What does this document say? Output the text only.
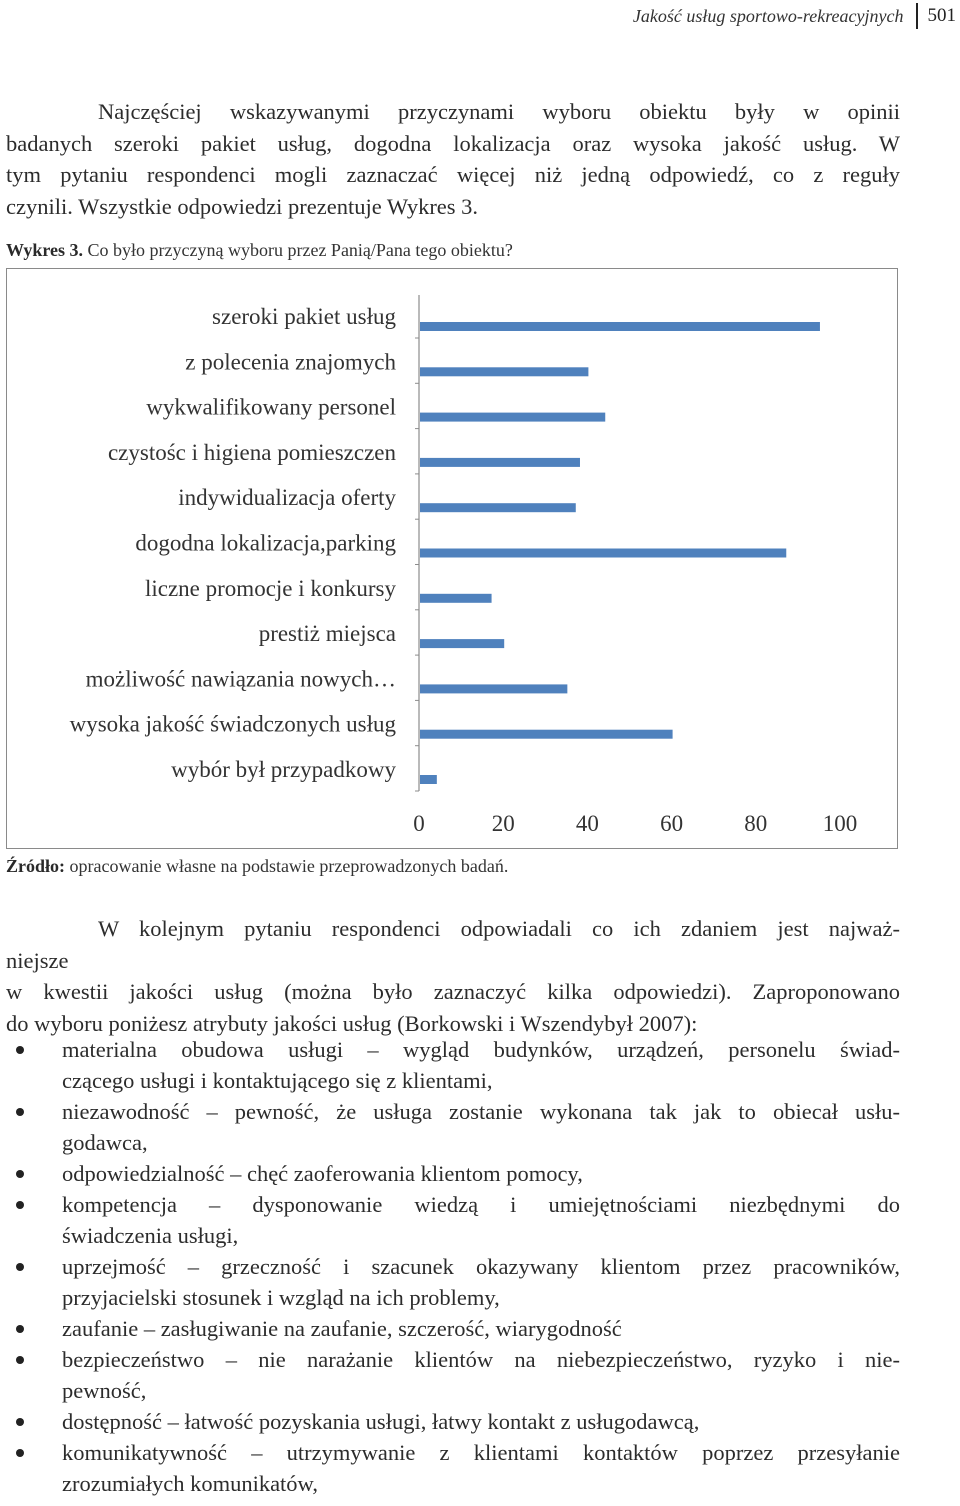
Jakość usług sportowo-rekreacyjnych	501
Najczęściej wskazywanymi przyczynami wyboru obiektu były w opinii
badanych szeroki pakiet usług, dogodna lokalizacja oraz wysoka jakość usług. W
tym pytaniu respondenci mogli zaznaczać więcej niż jedną odpowiedź, co z reguły
czynili. Wszystkie odpowiedzi prezentuje Wykres 3.
Wykres 3. Co było przyczyną wyboru przez Panią/Pana tego obiektu?
szeroki pakiet usług
z polecenia znajomych
wykwalifikowany personel
czystośc i higiena pomieszczen
indywidualizacja oferty
dogodna lokalizacja,parking
liczne promocje i konkursy
prestiż miejsca
możliwość nawiązania nowych…
wysoka jakość świadczonych usług
wybór był przypadkowy
0	20	40	60	80 100
Źródło: opracowanie własne na podstawie przeprowadzonych badań.
W kolejnym pytaniu respondenci odpowiadali co ich zdaniem jest najważ-
niejsze
w kwestii jakości usług (można było zaznaczyć kilka odpowiedzi). Zaproponowano
do wyboru poniżesz atrybuty jakości usług (Borkowski i Wszendybył 2007):
materialna obudowa usługi – wygląd budynków, urządzeń, personelu świad-
czącego usługi i kontaktującego się z klientami,
niezawodność – pewność, że usługa zostanie wykonana tak jak to obiecał usłu-
godawca,
odpowiedzialność – chęć zaoferowania klientom pomocy,
kompetencja – dysponowanie wiedzą i umiejętnościami niezbędnymi do
świadczenia usługi,
uprzejmość – grzeczność i szacunek okazywany klientom przez pracowników,
przyjacielski stosunek i wzgląd na ich problemy,
zaufanie – zasługiwanie na zaufanie, szczerość, wiarygodność
bezpieczeństwo – nie narażanie klientów na niebezpieczeństwo, ryzyko i nie-
pewność,
dostępność – łatwość pozyskania usługi, łatwy kontakt z usługodawcą,
komunikatywność – utrzymywanie z klientami kontaktów poprzez przesyłanie
zrozumiałych komunikatów,
